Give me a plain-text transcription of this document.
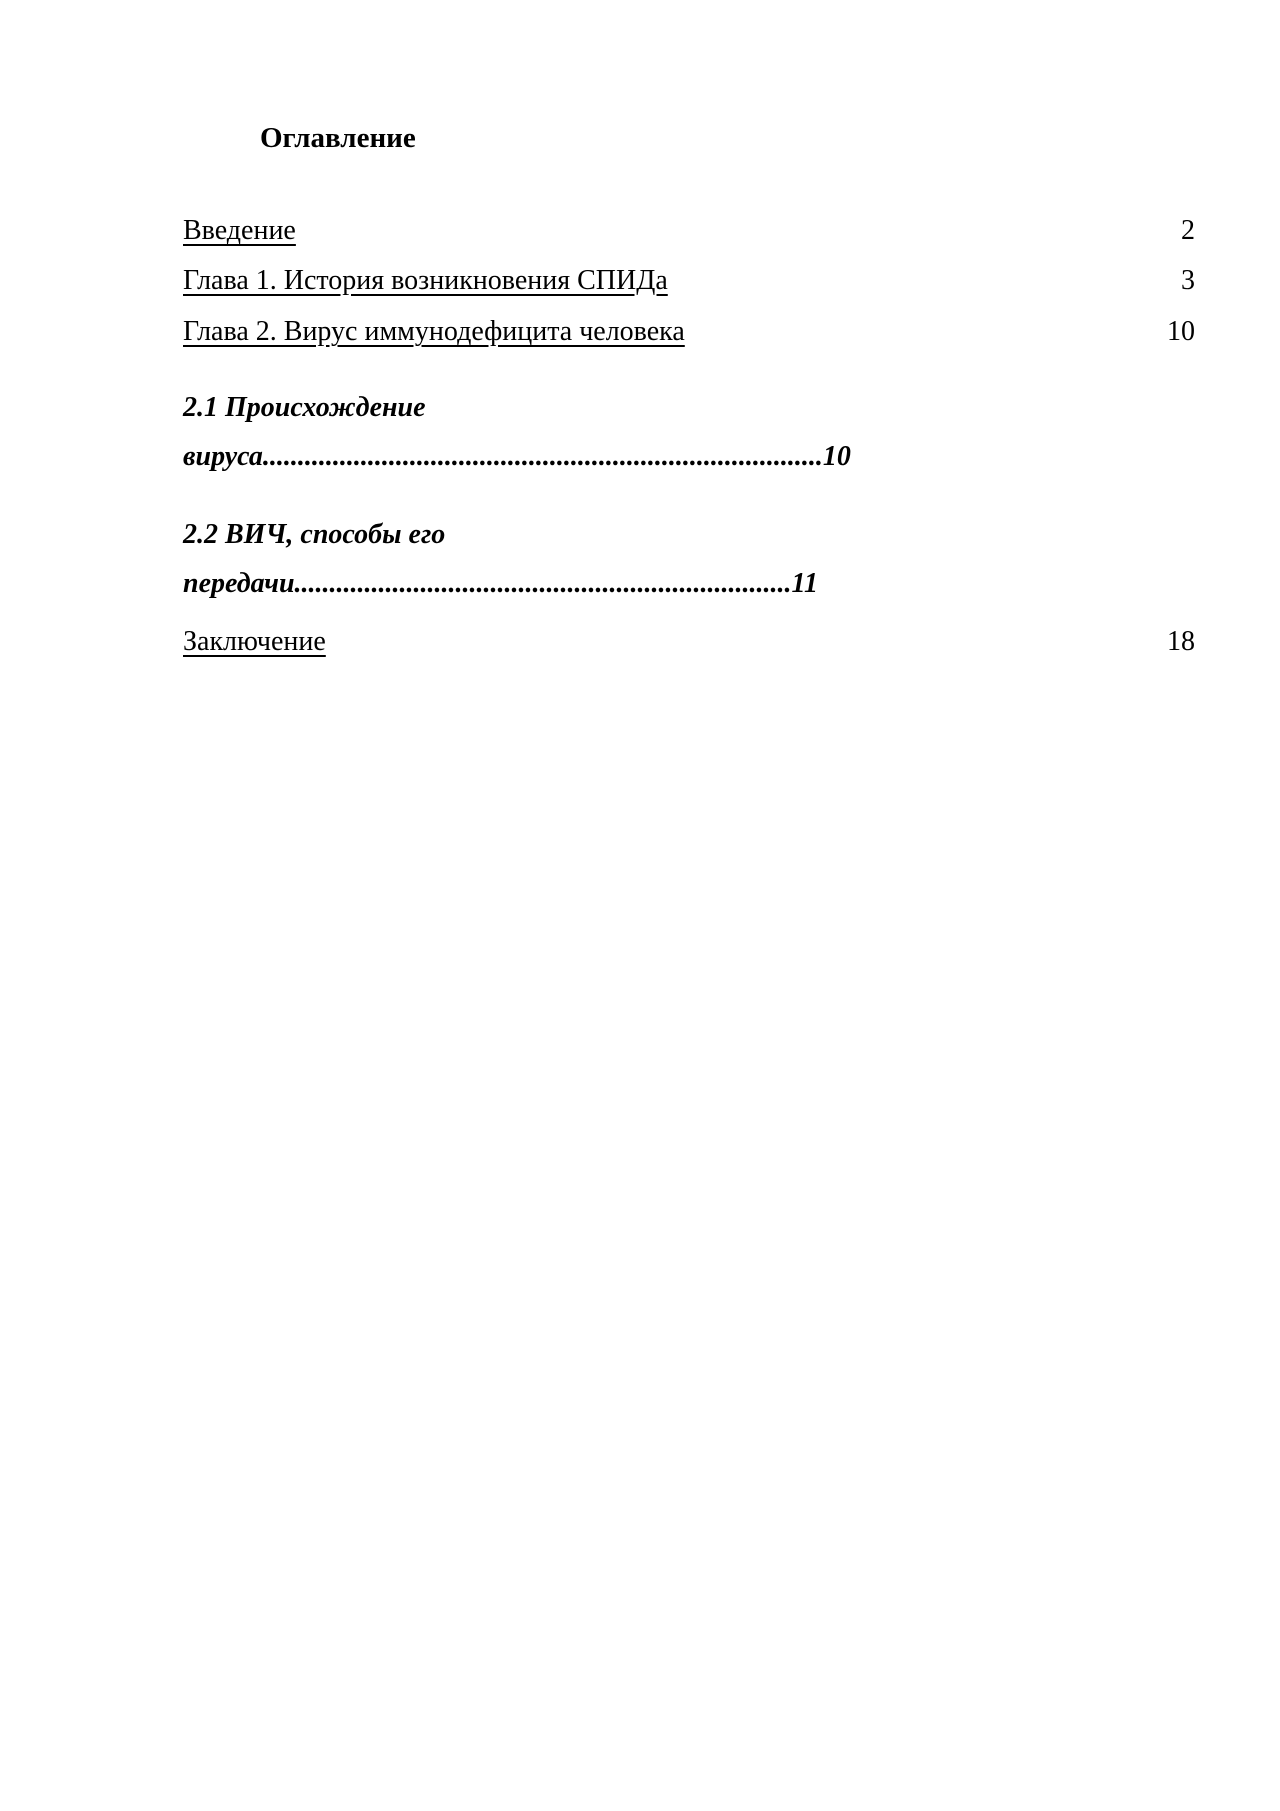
Оглавление
Введение	2
Глава 1. История возникновения СПИДа	3
Глава 2. Вирус иммунодефицита человека	10
2.1 Происхождение
вируса................................................................................10
2.2 ВИЧ, способы его
передачи.......................................................................11
Заключение	18
